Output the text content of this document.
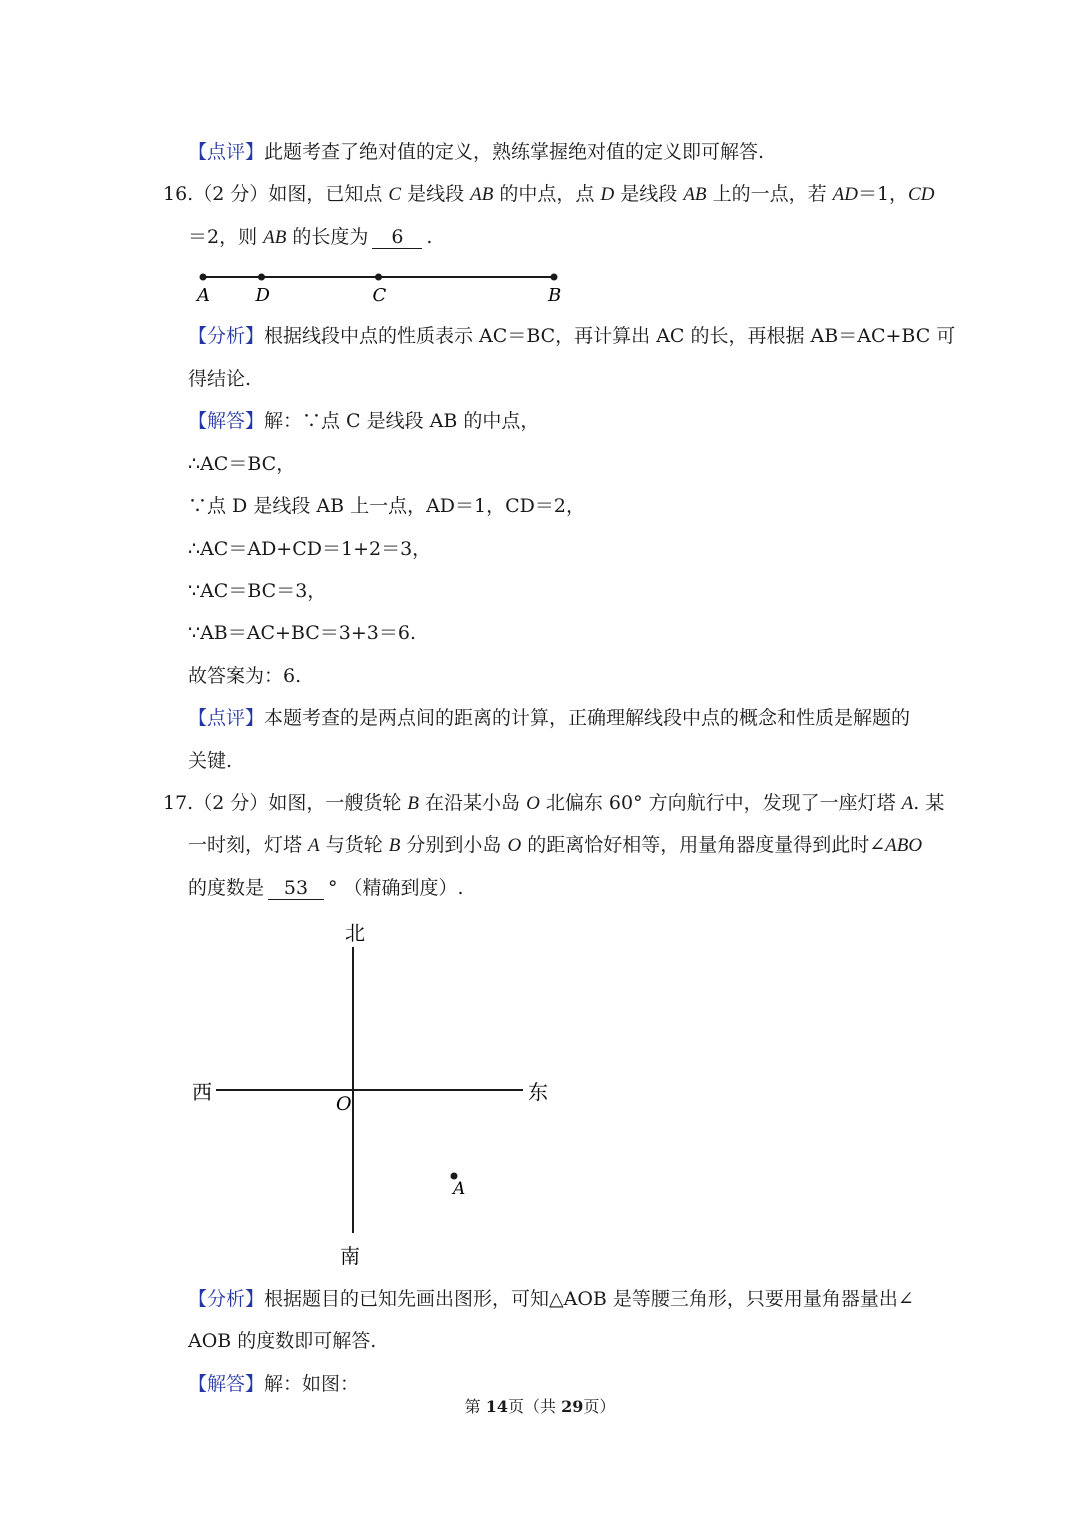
【点评】此题考查了绝对值的定义，熟练掌握绝对值的定义即可解答.
16.（2 分）如图，已知点 C 是线段 AB 的中点，点 D 是线段 AB 上的一点，若 AD＝1，CD
＝2，则 AB 的长度为 6 .
A	D	C	B
【分析】根据线段中点的性质表示 AC＝BC，再计算出 AC 的长，再根据 AB＝AC+BC 可
得结论.
【解答】解：∵点 C 是线段 AB 的中点，
∴AC＝BC，
∵点 D 是线段 AB 上一点，AD＝1，CD＝2，
∴AC＝AD+CD＝1+2＝3，
∵AC＝BC＝3，
∵AB＝AC+BC＝3+3＝6.
故答案为：6.
【点评】本题考查的是两点间的距离的计算，正确理解线段中点的概念和性质是解题的
关键.
17.（2 分）如图，一艘货轮 B 在沿某小岛 O 北偏东 60° 方向航行中，发现了一座灯塔 A. 某
一时刻，灯塔 A 与货轮 B 分别到小岛 O 的距离恰好相等，用量角器度量得到此时∠ABO
的度数是 53 ° （精确到度）.
北
南
西	东
O
A
【分析】根据题目的已知先画出图形，可知△AOB 是等腰三角形，只要用量角器量出∠
AOB 的度数即可解答.
【解答】解：如图：
第 14页（共 29页）
